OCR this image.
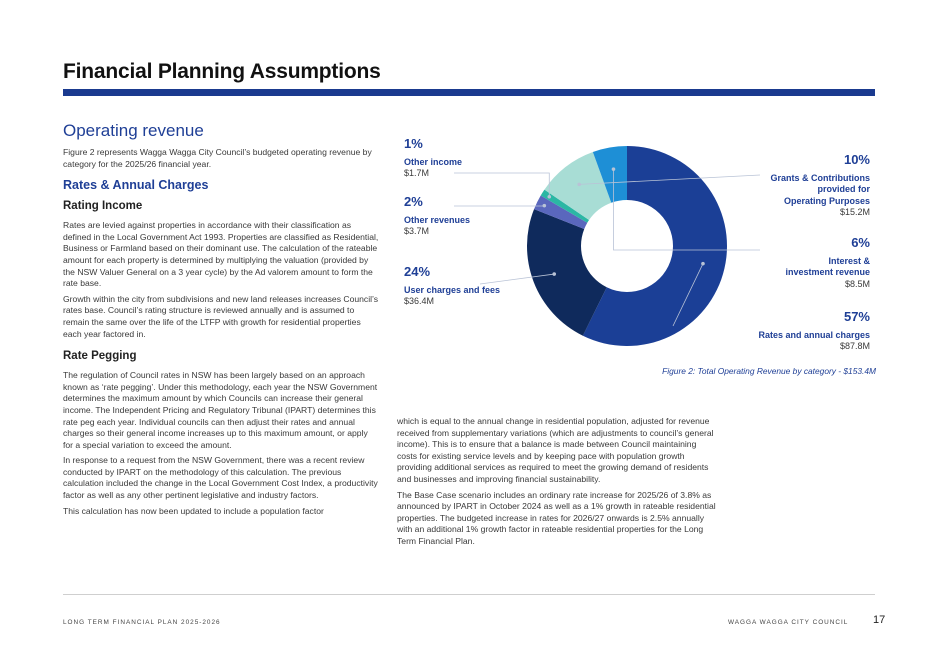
Financial Planning Assumptions
Operating revenue
Figure 2 represents Wagga Wagga City Council’s budgeted operating revenue by category for the 2025/26 financial year.
Rates & Annual Charges
Rating Income
Rates are levied against properties in accordance with their classification as defined in the Local Government Act 1993. Properties are classified as Residential, Business or Farmland based on their dominant use. The calculation of the rateable amount for each property is determined by multiplying the valuation (provided by the NSW Valuer General on a 3 year cycle) by the Ad valorem amount to form the rate base.
Growth within the city from subdivisions and new land releases increases Council’s rates base. Council’s rating structure is reviewed annually and is assumed to remain the same over the life of the LTFP with growth for residential properties each year factored in.
Rate Pegging
The regulation of Council rates in NSW has been largely based on an approach known as ‘rate pegging’. Under this methodology, each year the NSW Government determines the maximum amount by which Councils can increase their general income. The Independent Pricing and Regulatory Tribunal (IPART) determines this rate peg each year. Individual councils can then adjust their rates and annual charges so their general income increases up to this maximum amount, or apply for a special variation to exceed the amount.
In response to a request from the NSW Government, there was a recent review conducted by IPART on the methodology of this calculation. The previous calculation included the change in the Local Government Cost Index, a productivity factor as well as any other pertinent legislative and industry factors.
This calculation has now been updated to include a population factor
1%
Other income
$1.7M
2%
Other revenues
$3.7M
24%
User charges and fees
$36.4M
10%
Grants & Contributions
provided for
Operating Purposes
$15.2M
6%
Interest &
investment revenue
$8.5M
57%
Rates and annual charges
$87.8M
Figure 2: Total Operating Revenue by category - $153.4M
which is equal to the annual change in residential population, adjusted for revenue received from supplementary variations (which are adjustments to council’s general income). This is to ensure that a balance is made between Council maintaining costs for existing service levels and by keeping pace with population growth providing additional services as required to meet the growing demand of residents and businesses and improving financial sustainability.
The Base Case scenario includes an ordinary rate increase for 2025/26 of 3.8% as announced by IPART in October 2024 as well as a 1% growth in rateable residential properties. The budgeted increase in rates for 2026/27 onwards is 2.5% annually with an additional 1% growth factor in rateable residential properties for the Long Term Financial Plan.
LONG TERM FINANCIAL PLAN 2025-2026	WAGGA WAGGA CITY COUNCIL 17
